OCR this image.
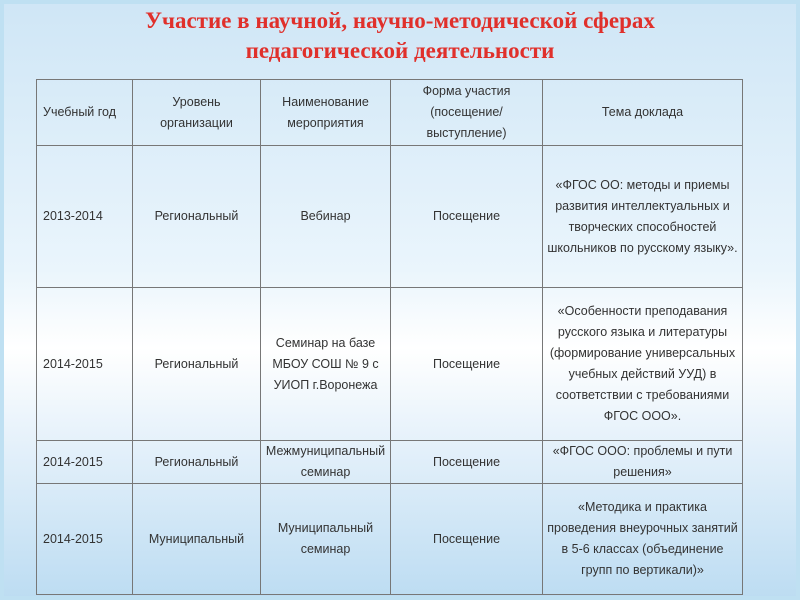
Участие в научной, научно-методической сферах
педагогической деятельности
Учебный год	Уровень организации	Наименование мероприятия	Форма участия (посещение/выступление)	Тема доклада
2013-2014	Региональный	Вебинар	Посещение	«ФГОС ОО: методы и приемы развития интеллектуальных и творческих способностей школьников по русскому языку».
2014-2015	Региональный	Семинар на базе МБОУ СОШ № 9 с УИОП г.Воронежа	Посещение	«Особенности преподавания русского языка и литературы (формирование универсальных учебных действий УУД) в соответствии с требованиями ФГОС ООО».
2014-2015	Региональный	Межмуниципальный семинар	Посещение	«ФГОС ООО: проблемы и пути решения»
2014-2015	Муниципальный	Муниципальный семинар	Посещение	«Методика и практика проведения внеурочных занятий в 5-6 классах (объединение групп по вертикали)»
